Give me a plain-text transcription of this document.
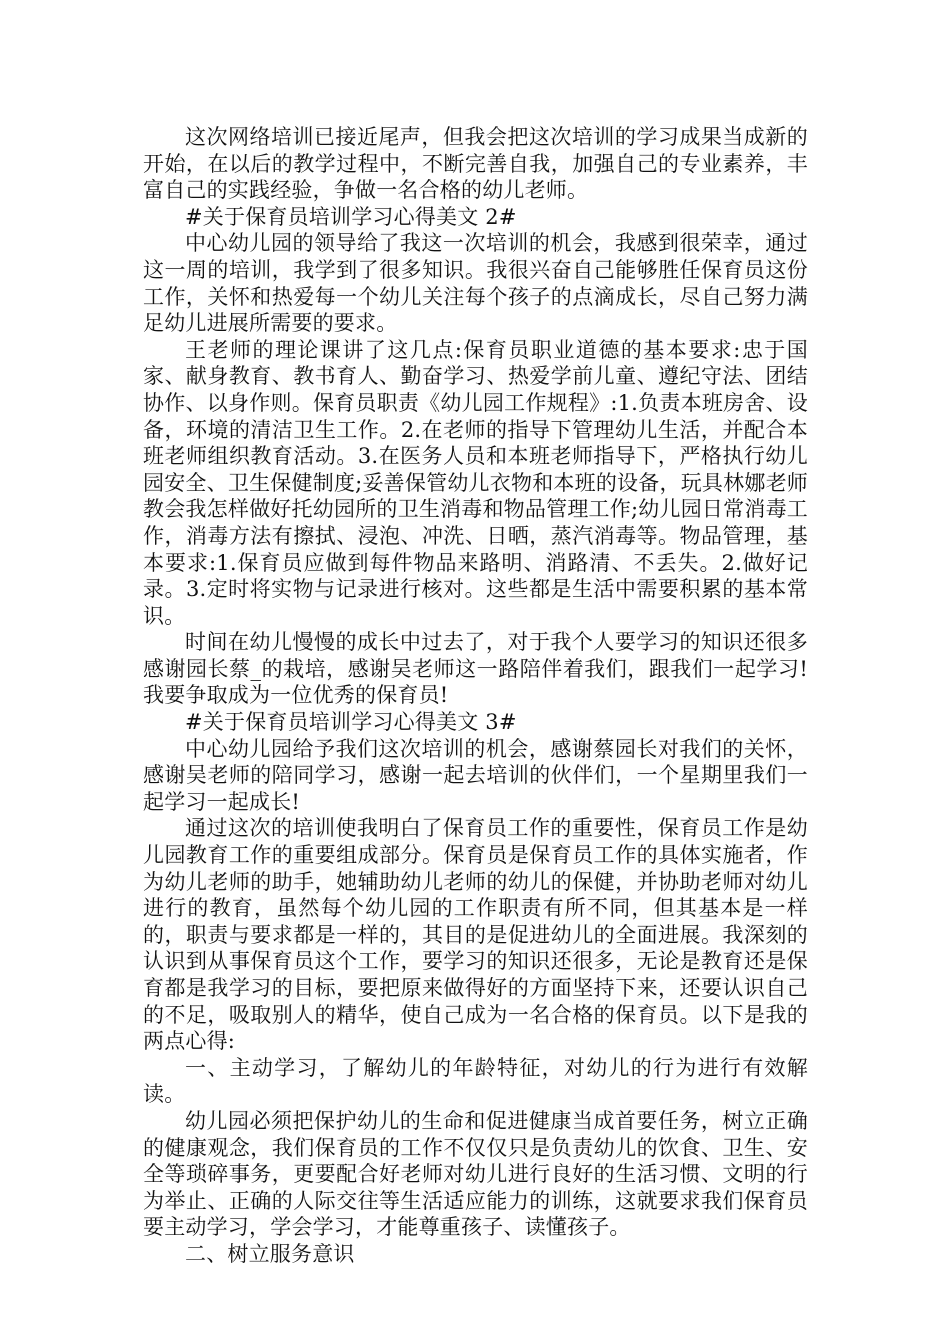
这次网络培训已接近尾声，但我会把这次培训的学习成果当成新的开始，在以后的教学过程中，不断完善自我，加强自己的专业素养，丰富自己的实践经验，争做一名合格的幼儿老师。

#关于保育员培训学习心得美文 2#

中心幼儿园的领导给了我这一次培训的机会，我感到很荣幸，通过这一周的培训，我学到了很多知识。我很兴奋自己能够胜任保育员这份工作，关怀和热爱每一个幼儿关注每个孩子的点滴成长，尽自己努力满足幼儿进展所需要的要求。

王老师的理论课讲了这几点:保育员职业道德的基本要求:忠于国家、献身教育、教书育人、勤奋学习、热爱学前儿童、遵纪守法、团结协作、以身作则。保育员职责《幼儿园工作规程》:1.负责本班房舍、设备，环境的清洁卫生工作。2.在老师的指导下管理幼儿生活，并配合本班老师组织教育活动。3.在医务人员和本班老师指导下，严格执行幼儿园安全、卫生保健制度;妥善保管幼儿衣物和本班的设备，玩具林娜老师教会我怎样做好托幼园所的卫生消毒和物品管理工作;幼儿园日常消毒工作，消毒方法有擦拭、浸泡、冲洗、日晒，蒸汽消毒等。物品管理，基本要求:1.保育员应做到每件物品来路明、消路清、不丢失。2.做好记录。3.定时将实物与记录进行核对。这些都是生活中需要积累的基本常识。

时间在幼儿慢慢的成长中过去了，对于我个人要学习的知识还很多感谢园长蔡_的栽培，感谢吴老师这一路陪伴着我们，跟我们一起学习!我要争取成为一位优秀的保育员!

#关于保育员培训学习心得美文 3#

中心幼儿园给予我们这次培训的机会，感谢蔡园长对我们的关怀，感谢吴老师的陪同学习，感谢一起去培训的伙伴们，一个星期里我们一起学习一起成长!

通过这次的培训使我明白了保育员工作的重要性，保育员工作是幼儿园教育工作的重要组成部分。保育员是保育员工作的具体实施者，作为幼儿老师的助手，她辅助幼儿老师的幼儿的保健，并协助老师对幼儿进行的教育，虽然每个幼儿园的工作职责有所不同，但其基本是一样的，职责与要求都是一样的，其目的是促进幼儿的全面进展。我深刻的认识到从事保育员这个工作，要学习的知识还很多，无论是教育还是保育都是我学习的目标，要把原来做得好的方面坚持下来，还要认识自己的不足，吸取别人的精华，使自己成为一名合格的保育员。以下是我的两点心得:

一、主动学习，了解幼儿的年龄特征，对幼儿的行为进行有效解读。

幼儿园必须把保护幼儿的生命和促进健康当成首要任务，树立正确的健康观念，我们保育员的工作不仅仅只是负责幼儿的饮食、卫生、安全等琐碎事务，更要配合好老师对幼儿进行良好的生活习惯、文明的行为举止、正确的人际交往等生活适应能力的训练，这就要求我们保育员要主动学习，学会学习，才能尊重孩子、读懂孩子。

二、树立服务意识
